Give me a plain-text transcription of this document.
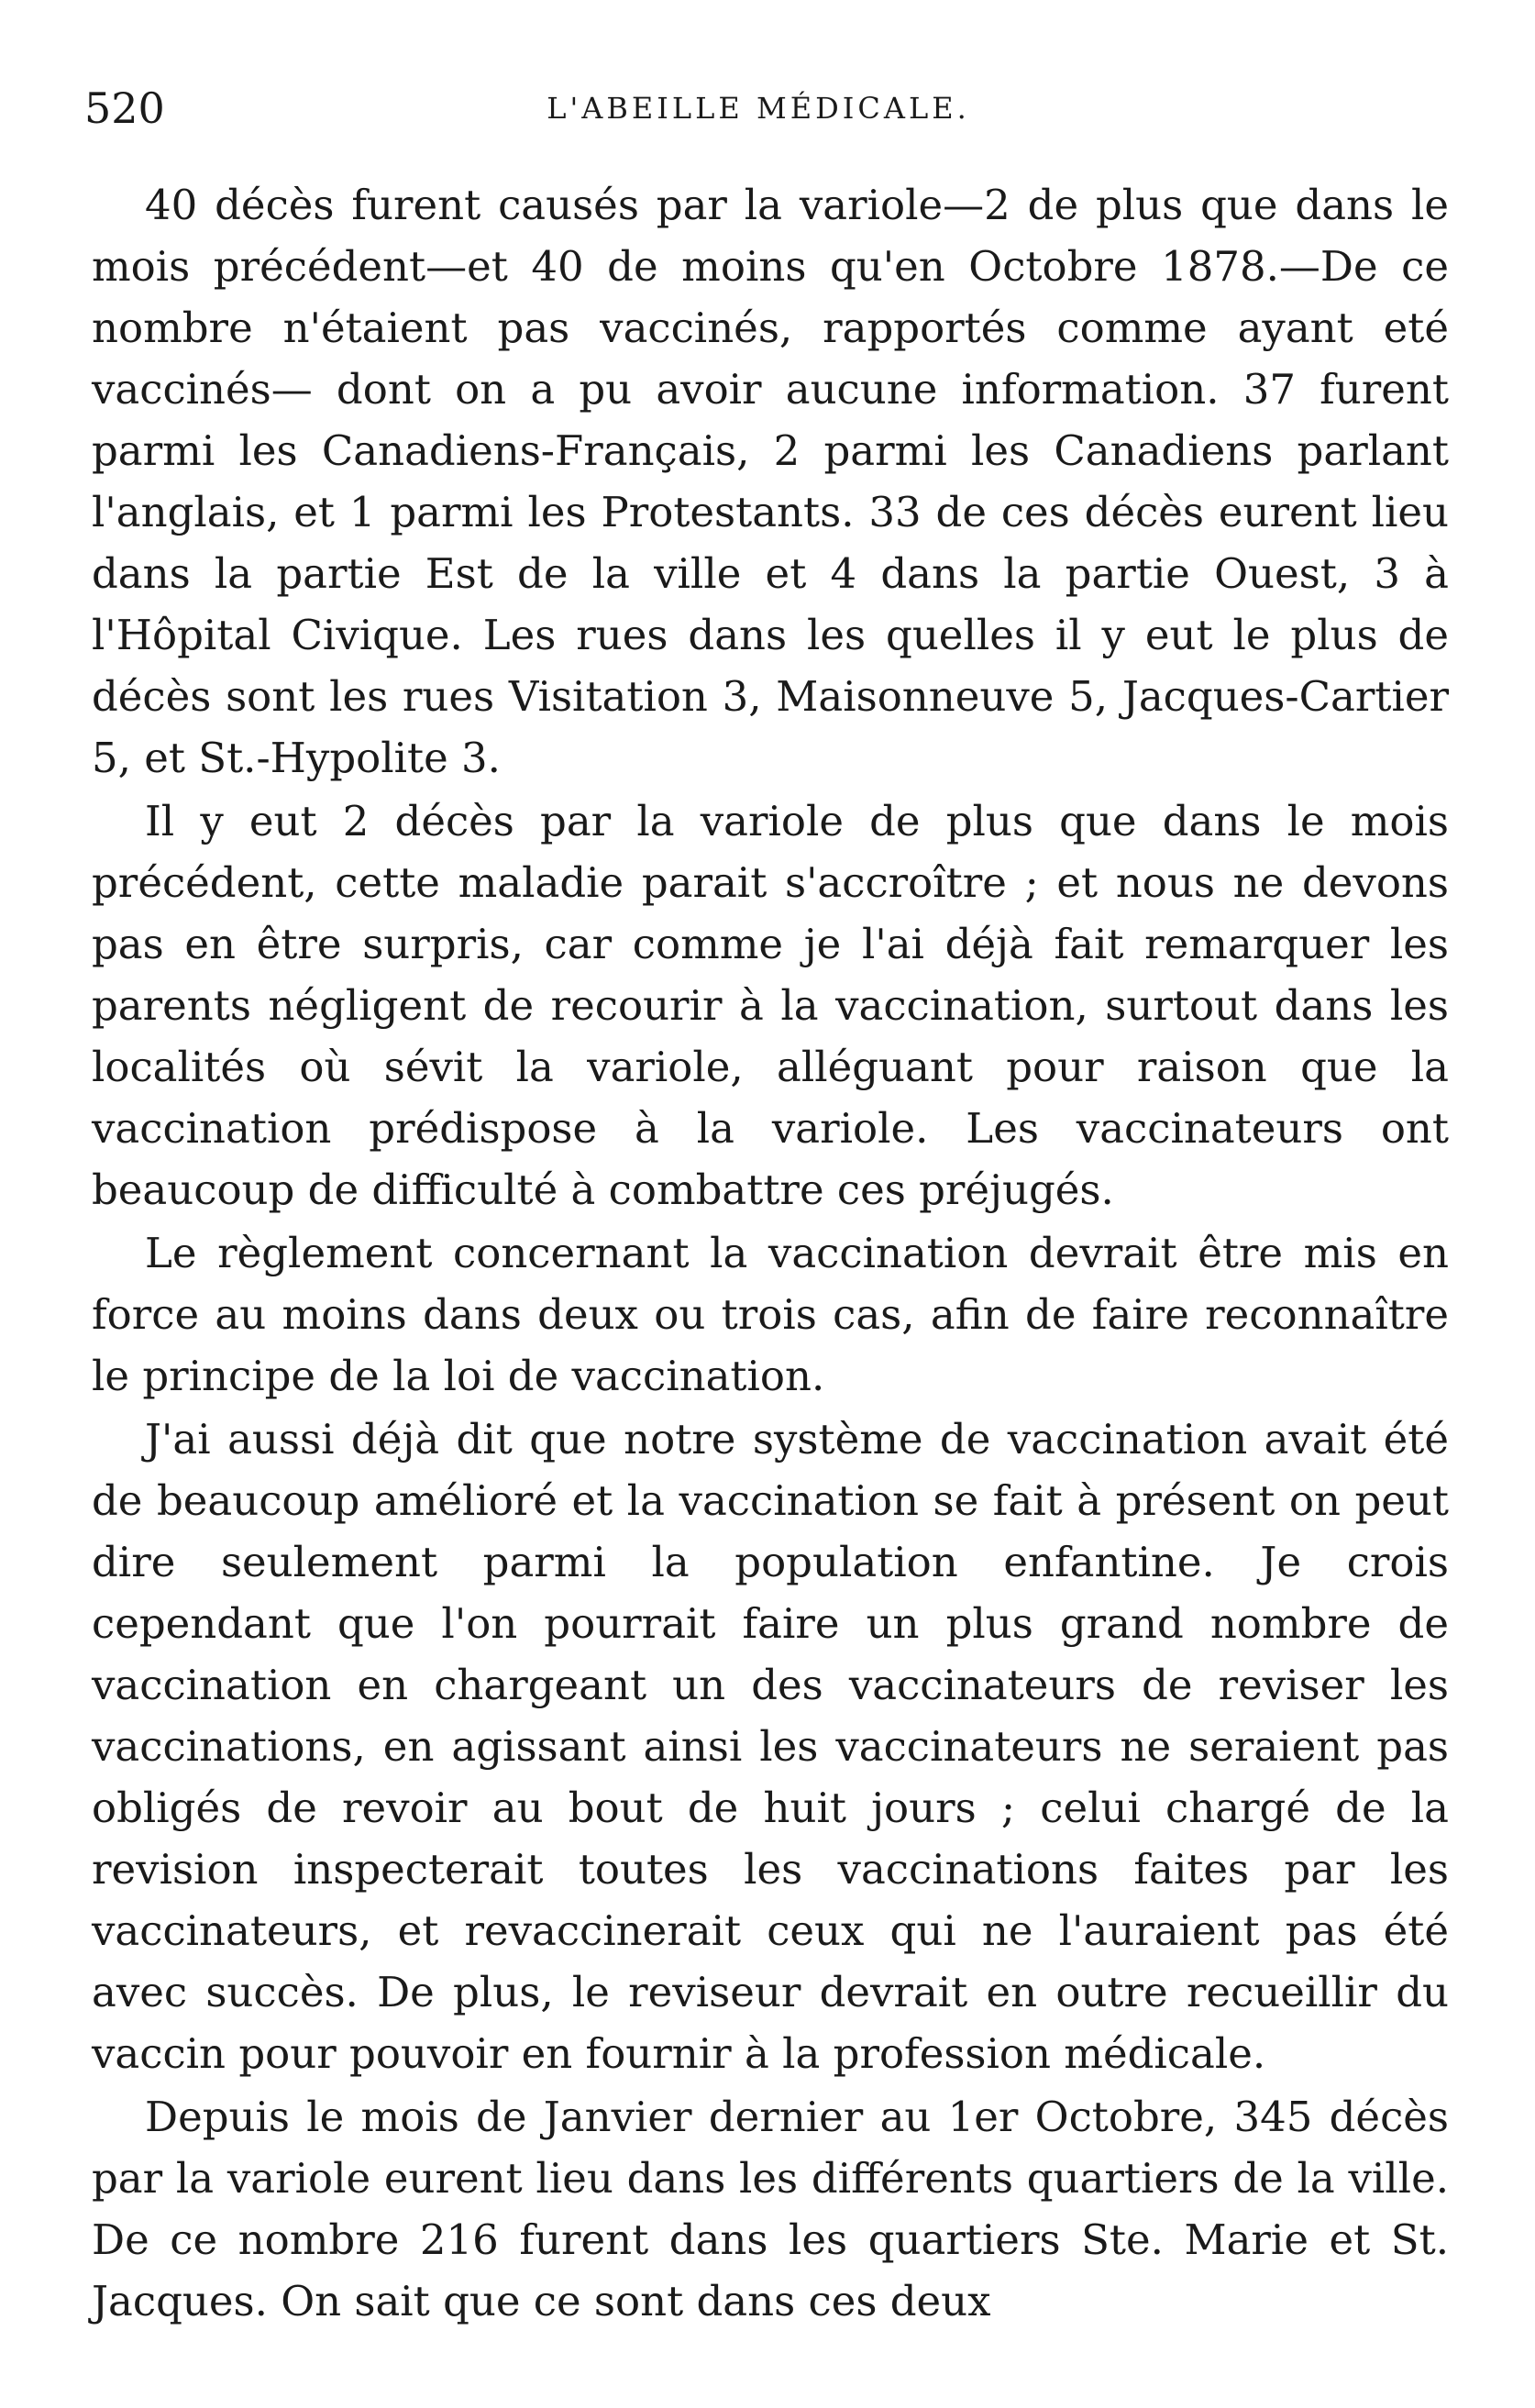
520	L'ABEILLE MÉDICALE.

40 décès furent causés par la variole—2 de plus que dans le mois précédent—et 40 de moins qu'en Octobre 1878.—De ce nombre n'étaient pas vaccinés, rapportés comme ayant eté vaccinés— dont on a pu avoir aucune information. 37 furent parmi les Canadiens-Français, 2 parmi les Canadiens parlant l'anglais, et 1 parmi les Protestants. 33 de ces décès eurent lieu dans la partie Est de la ville et 4 dans la partie Ouest, 3 à l'Hôpital Civique. Les rues dans les quelles il y eut le plus de décès sont les rues Visitation 3, Maisonneuve 5, Jacques-Cartier 5, et St.-Hypolite 3.

Il y eut 2 décès par la variole de plus que dans le mois précédent, cette maladie parait s'accroître ; et nous ne devons pas en être surpris, car comme je l'ai déjà fait remarquer les parents négligent de recourir à la vaccination, surtout dans les localités où sévit la variole, alléguant pour raison que la vaccination prédispose à la variole. Les vaccinateurs ont beaucoup de difficulté à combattre ces préjugés.

Le règlement concernant la vaccination devrait être mis en force au moins dans deux ou trois cas, afin de faire reconnaître le principe de la loi de vaccination.

J'ai aussi déjà dit que notre système de vaccination avait été de beaucoup amélioré et la vaccination se fait à présent on peut dire seulement parmi la population enfantine. Je crois cependant que l'on pourrait faire un plus grand nombre de vaccination en chargeant un des vaccinateurs de reviser les vaccinations, en agissant ainsi les vaccinateurs ne seraient pas obligés de revoir au bout de huit jours ; celui chargé de la revision inspecterait toutes les vaccinations faites par les vaccinateurs, et revaccinerait ceux qui ne l'auraient pas été avec succès. De plus, le reviseur devrait en outre recueillir du vaccin pour pouvoir en fournir à la profession médicale.

Depuis le mois de Janvier dernier au 1er Octobre, 345 décès par la variole eurent lieu dans les différents quartiers de la ville. De ce nombre 216 furent dans les quartiers Ste. Marie et St. Jacques. On sait que ce sont dans ces deux
